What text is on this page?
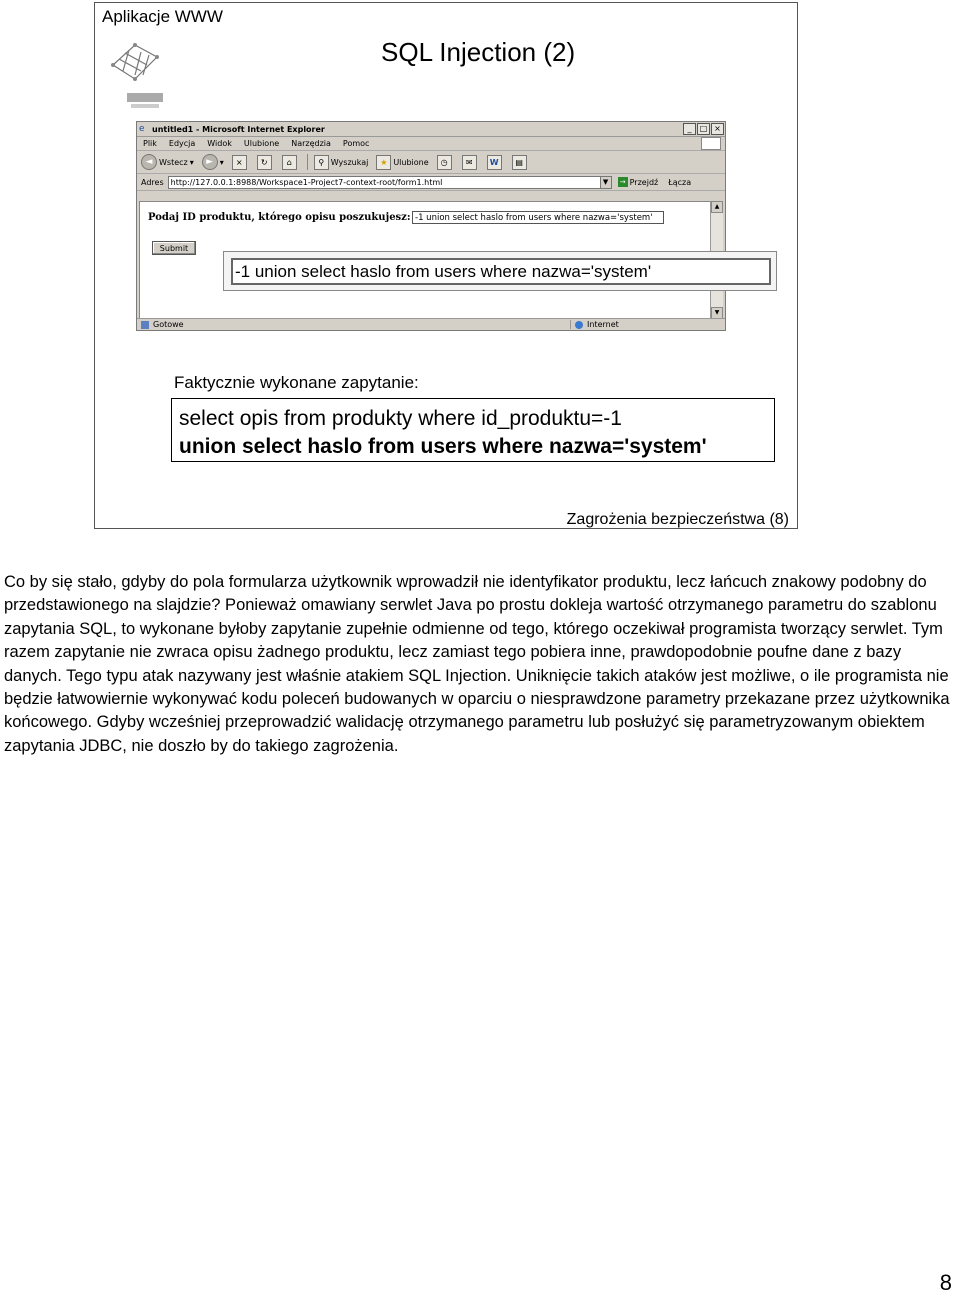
Aplikacje WWW
SQL Injection (2)
e untitled1 - Microsoft Internet Explorer	_	□ ×
Plik Edycja Widok Ulubione Narzędzia Pomoc
◄ Wstecz ▾	► ▾	×	↻	⌂	⚲ Wyszukaj	★ Ulubione	◷	✉	W	▤
Adres http://127.0.0.1:8988/Workspace1-Project7-context-root/form1.html	▼	→ Przejdź Łącza
Podaj ID produktu, którego opisu poszukujesz: -1 union select haslo from users where nazwa='system'
Submit
▲
▼
Gotowe	Internet
-1 union select haslo from users where nazwa='system'
Faktycznie wykonane zapytanie:
select opis from produkty where id_produktu=-1
union select haslo from users where nazwa='system'
Zagrożenia bezpieczeństwa (8)

Co by się stało, gdyby do pola formularza użytkownik wprowadził nie identyfikator produktu, lecz łańcuch znakowy podobny do przedstawionego na slajdzie? Ponieważ omawiany serwlet Java po prostu dokleja wartość otrzymanego parametru do szablonu zapytania SQL, to wykonane byłoby zapytanie zupełnie odmienne od tego, którego oczekiwał programista tworzący serwlet. Tym razem zapytanie nie zwraca opisu żadnego produktu, lecz zamiast tego pobiera inne, prawdopodobnie poufne dane z bazy danych. Tego typu atak nazywany jest właśnie atakiem SQL Injection. Uniknięcie takich ataków jest możliwe, o ile programista nie będzie łatwowiernie wykonywać kodu poleceń budowanych w oparciu o niesprawdzone parametry przekazane przez użytkownika końcowego. Gdyby wcześniej przeprowadzić walidację otrzymanego parametru lub posłużyć się parametryzowanym obiektem zapytania JDBC, nie doszło by do takiego zagrożenia.

8
